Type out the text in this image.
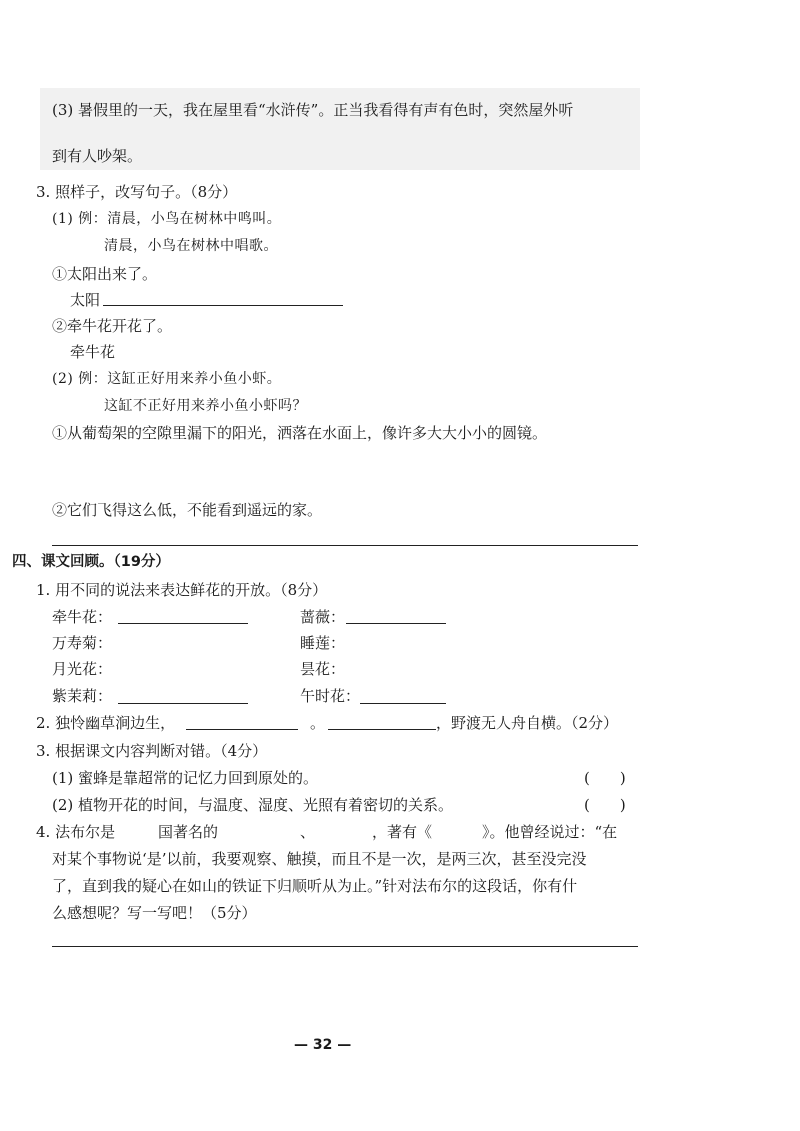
(3) 暑假里的一天，我在屋里看“水浒传”。正当我看得有声有色时，突然屋外听
到有人吵架。
3. 照样子，改写句子。（8分）
(1) 例：清晨，小鸟在树林中鸣叫。
清晨，小鸟在树林中唱歌。
①太阳出来了。
太阳
②牵牛花开花了。
牵牛花
(2) 例：这缸正好用来养小鱼小虾。
这缸不正好用来养小鱼小虾吗？
①从葡萄架的空隙里漏下的阳光，洒落在水面上，像许多大大小小的圆镜。
②它们飞得这么低，不能看到遥远的家。
四、课文回顾。（19分）
1. 用不同的说法来表达鲜花的开放。（8分）
牵牛花：	蔷薇：
万寿菊：	睡莲：
月光花：	昙花：
紫茉莉：	午时花：
2. 独怜幽草涧边生，	。	，野渡无人舟自横。（2分）
3. 根据课文内容判断对错。（4分）
(1) 蜜蜂是靠超常的记忆力回到原处的。	(　　)
(2) 植物开花的时间，与温度、湿度、光照有着密切的关系。	(　　)
4. 法布尔是	国著名的	、	，著有《	》。他曾经说过：“在
对某个事物说‘是’以前，我要观察、触摸，而且不是一次，是两三次，甚至没完没
了，直到我的疑心在如山的铁证下归顺听从为止。”针对法布尔的这段话，你有什
么感想呢？写一写吧！（5分）
— 32 —
